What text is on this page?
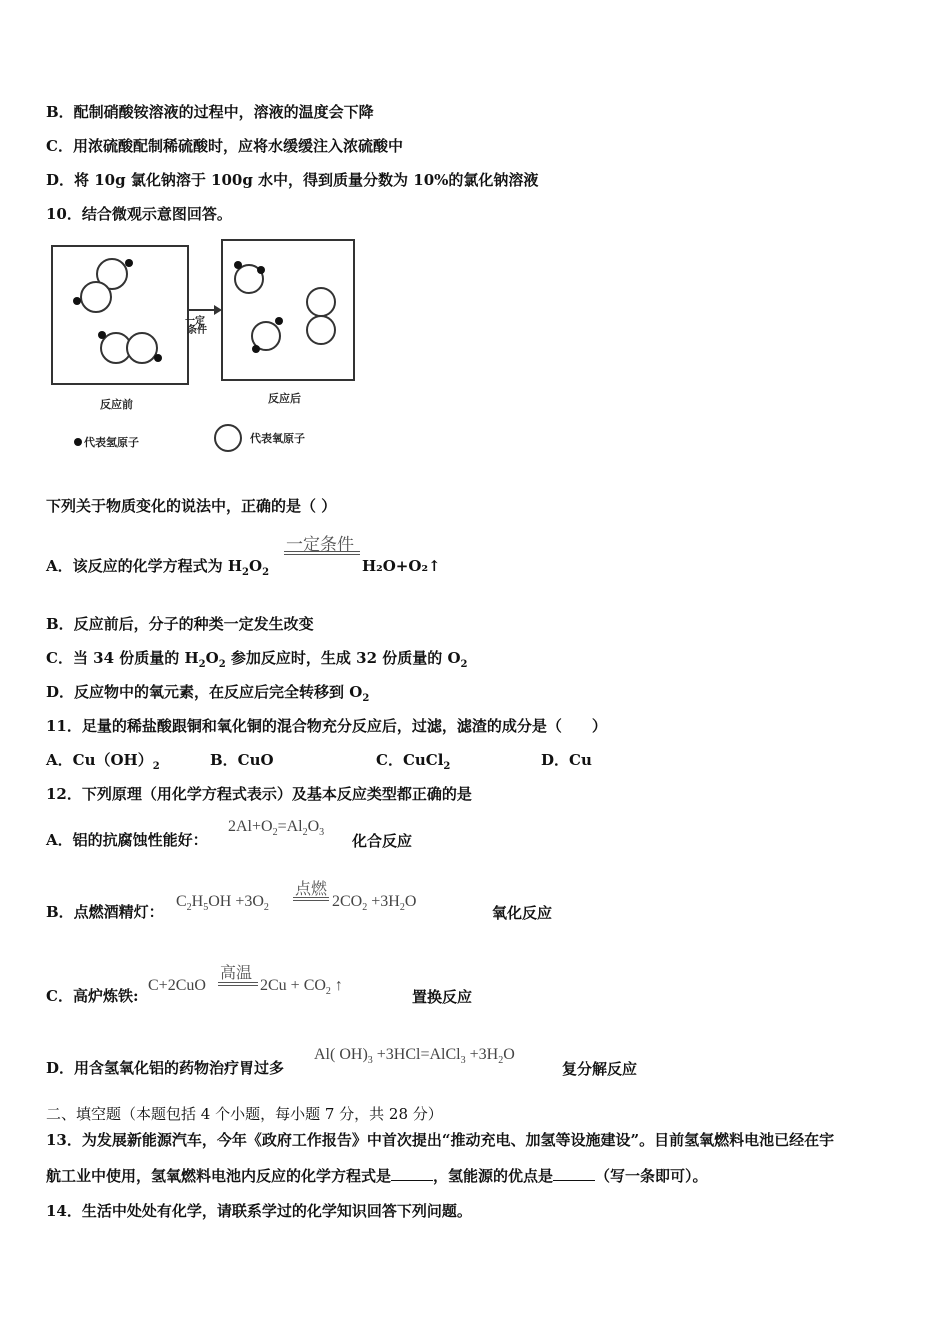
B．配制硝酸铵溶液的过程中，溶液的温度会下降
C．用浓硫酸配制稀硫酸时，应将水缓缓注入浓硫酸中
D．将 10g 氯化钠溶于 100g 水中，得到质量分数为 10%的氯化钠溶液
10．结合微观示意图回答。
一定
条件
反应前	反应后
代表氢原子	代表氧原子
下列关于物质变化的说法中，正确的是（ ）
A．该反应的化学方程式为 $H_2O_2$
一定条件
H₂O+O₂↑
B．反应前后，分子的种类一定发生改变
C．当 34 份质量的 $H_2O_2$ 参加反应时，生成 32 份质量的 $O_2$
D．反应物中的氧元素，在反应后完全转移到 $O_2$
11．足量的稀盐酸跟铜和氧化铜的混合物充分反应后，过滤，滤渣的成分是（　　）
A．$Cu(OH)_2$	B．CuO	C．CuCl$_2$	D．Cu
12．下列原理（用化学方程式表示）及基本反应类型都正确的是
A．铝的抗腐蚀性能好：
$2Al+O_2=Al_2O_3$ 化合反应
B．点燃酒精灯：
$C_2H_5OH +3O_2$
点燃
$2CO_2 +3H_2O$
氧化反应
C．高炉炼铁:
C+2CuO
高温
$2Cu + CO_2$ ↑
置换反应
D．用含氢氧化铝的药物治疗胃过多
Al( $OH)_3$ +3HCl=AlCl$_3$ $+3H_2O$
复分解反应
二、填空题（本题包括 4 个小题，每小题 7 分，共 28 分）
13．为发展新能源汽车，今年《政府工作报告》中首次提出“推动充电、加氢等设施建设”。目前氢氧燃料电池已经在宇
航工业中使用，氢氧燃料电池内反应的化学方程式是	，氢能源的优点是	（写一条即可）。
14．生活中处处有化学，请联系学过的化学知识回答下列问题。
